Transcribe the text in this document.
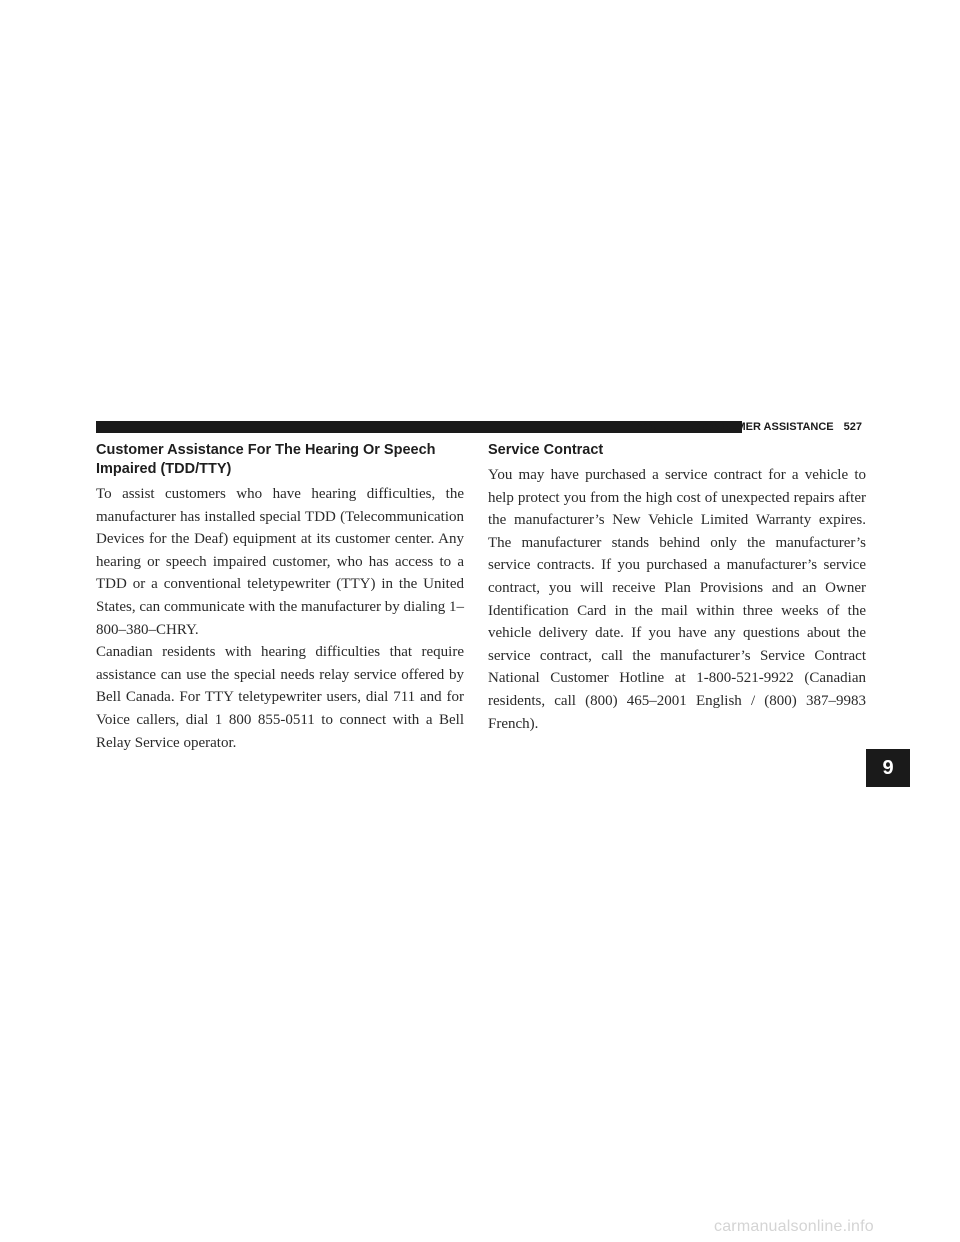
IF YOU NEED CONSUMER ASSISTANCE 527
Customer Assistance For The Hearing Or Speech Impaired (TDD/TTY)

To assist customers who have hearing difficulties, the manufacturer has installed special TDD (Telecommunication Devices for the Deaf) equipment at its customer center. Any hearing or speech impaired customer, who has access to a TDD or a conventional teletypewriter (TTY) in the United States, can communicate with the manufacturer by dialing 1–800–380–CHRY.

Canadian residents with hearing difficulties that require assistance can use the special needs relay service offered by Bell Canada. For TTY teletypewriter users, dial 711 and for Voice callers, dial 1 800 855-0511 to connect with a Bell Relay Service operator.

Service Contract

You may have purchased a service contract for a vehicle to help protect you from the high cost of unexpected repairs after the manufacturer’s New Vehicle Limited Warranty expires. The manufacturer stands behind only the manufacturer’s service contracts. If you purchased a manufacturer’s service contract, you will receive Plan Provisions and an Owner Identification Card in the mail within three weeks of the vehicle delivery date. If you have any questions about the service contract, call the manufacturer’s Service Contract National Customer Hotline at 1-800-521-9922 (Canadian residents, call (800) 465–2001 English / (800) 387–9983 French).

9
carmanualsonline.info
